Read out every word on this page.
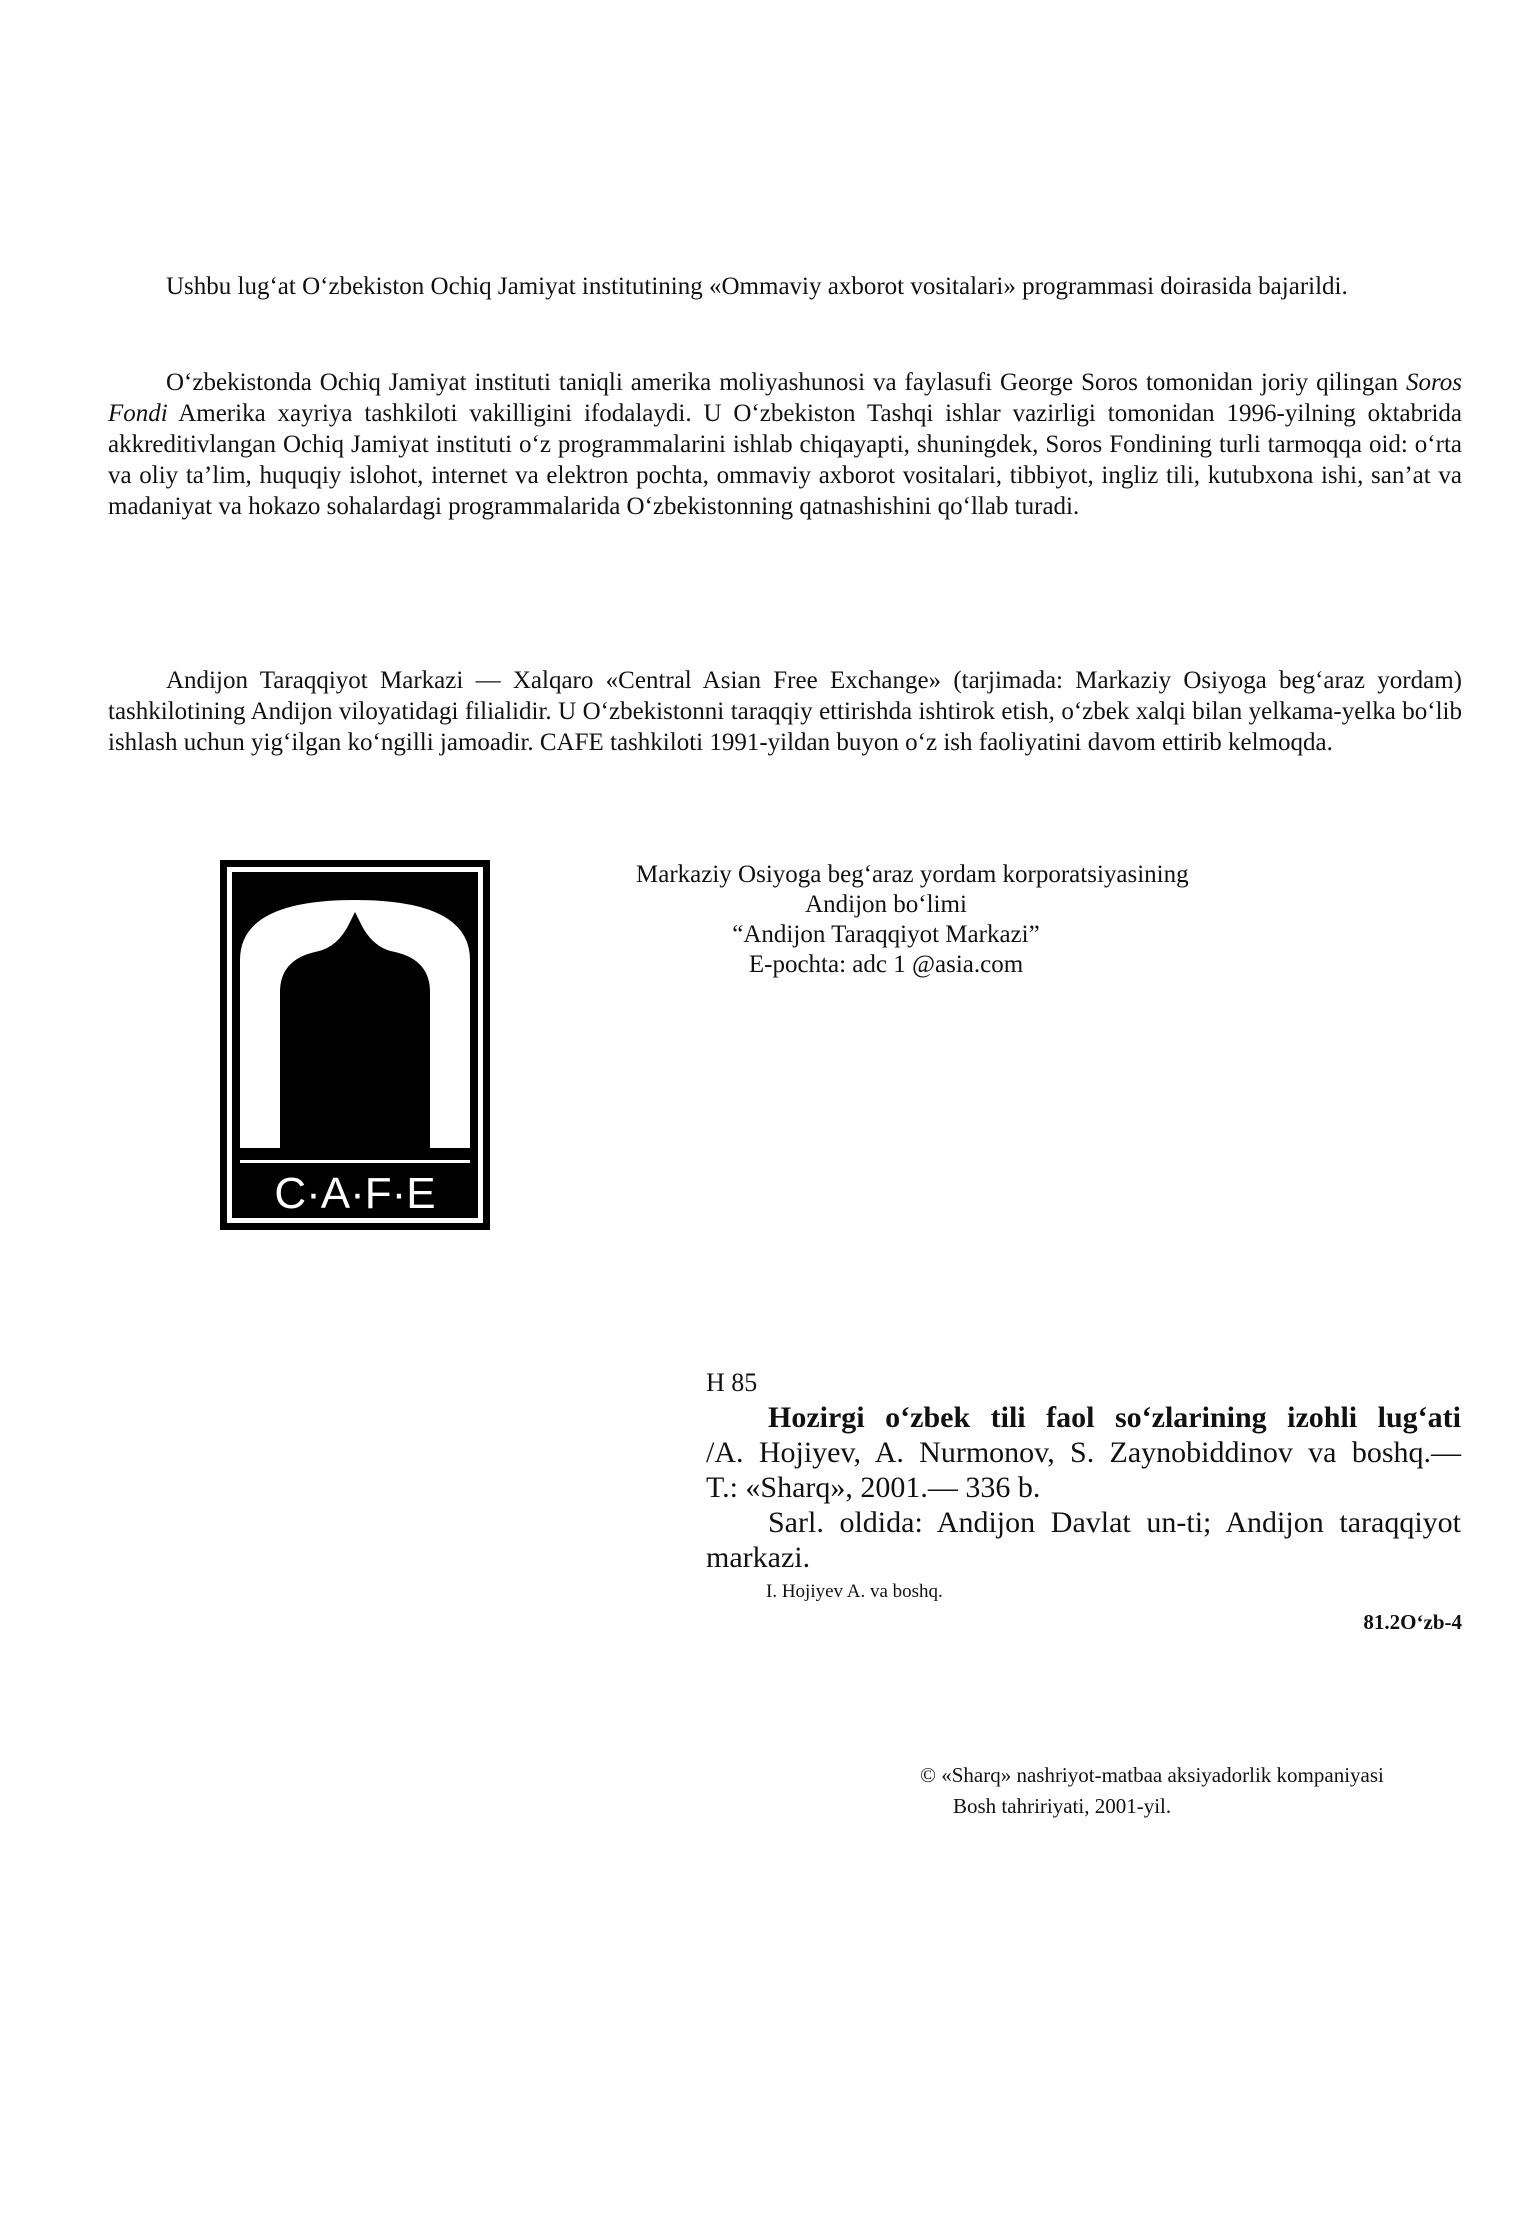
Ushbu lug‘at O‘zbekiston Ochiq Jamiyat institutining «Ommaviy axborot vositalari» programmasi doirasida bajarildi.

O‘zbekistonda Ochiq Jamiyat instituti taniqli amerika moliyashunosi va faylasufi George Soros tomonidan joriy qilingan Soros Fondi Amerika xayriya tashkiloti vakilligini ifodalaydi. U O‘zbekiston Tashqi ishlar vazirligi tomonidan 1996-yilning oktabrida akkreditivlangan Ochiq Jamiyat instituti o‘z programmalarini ishlab chiqayapti, shuningdek, Soros Fondining turli tarmoqqa oid: o‘rta va oliy ta’lim, huquqiy islohot, internet va elektron pochta, ommaviy axborot vositalari, tibbiyot, ingliz tili, kutubxona ishi, san’at va madaniyat va hokazo sohalardagi programmalarida O‘zbekistonning qatnashishini qo‘llab turadi.

Andijon Taraqqiyot Markazi — Xalqaro «Central Asian Free Exchange» (tarjimada: Markaziy Osiyoga beg‘araz yordam) tashkilotining Andijon viloyatidagi filialidir. U O‘zbekistonni taraqqiy ettirishda ishtirok etish, o‘zbek xalqi bilan yelkama-yelka bo‘lib ishlash uchun yig‘ilgan ko‘ngilli jamoadir. CAFE tashkiloti 1991-yildan buyon o‘z ish faoliyatini davom ettirib kelmoqda.

C·A·F·E
Markaziy Osiyoga beg‘araz yordam korporatsiyasining
Andijon bo‘limi
“Andijon Taraqqiyot Markazi”
E-pochta: adc 1 @asia.com
H 85
Hozirgi o‘zbek tili faol so‘zlarining izohli lug‘ati
/A. Hojiyev, A. Nurmonov, S. Zaynobiddinov va boshq.—
T.: «Sharq», 2001.— 336 b.
Sarl. oldida: Andijon Davlat un-ti; Andijon taraqqiyot
markazi.
I. Hojiyev A. va boshq.
81.2O‘zb-4
© «Sharq» nashriyot-matbaa aksiyadorlik kompaniyasi
Bosh tahririyati, 2001-yil.
